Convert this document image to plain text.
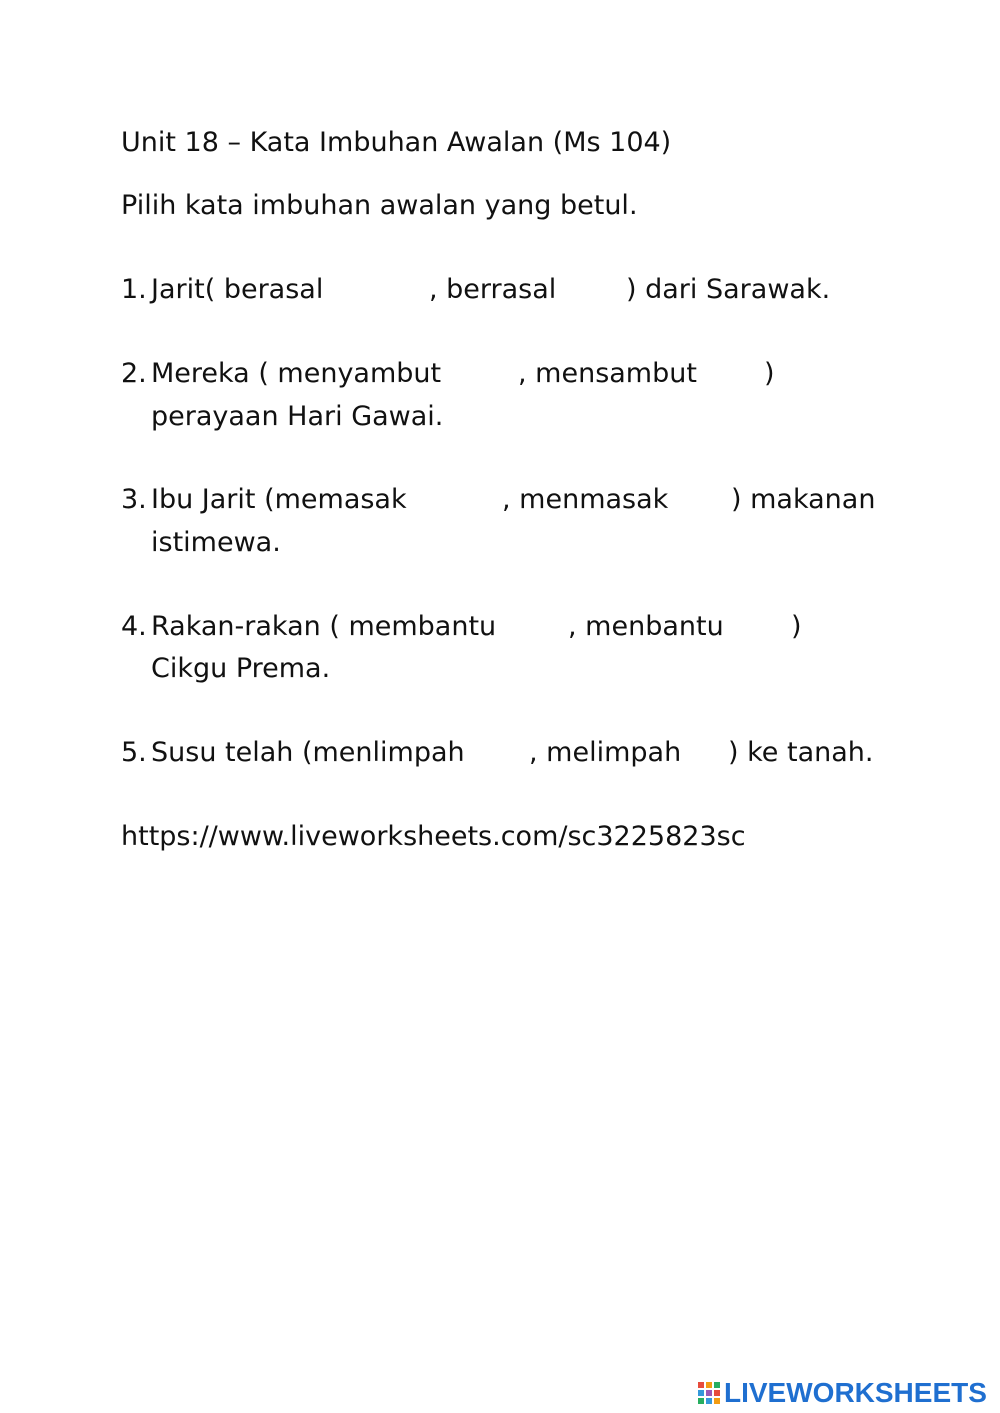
Unit 18 – Kata Imbuhan Awalan (Ms 104)
Pilih kata imbuhan awalan yang betul.
1. Jarit( berasal	, berrasal	) dari Sarawak.
2. Mereka ( menyambut	, mensambut )
perayaan Hari Gawai.
3. Ibu Jarit (memasak	, menmasak ) makanan
istimewa.
4. Rakan-rakan ( membantu	, menbantu )
Cikgu Prema.
5. Susu telah (menlimpah , melimpah ) ke tanah.
https://www.liveworksheets.com/sc3225823sc
LIVEWORKSHEETS
